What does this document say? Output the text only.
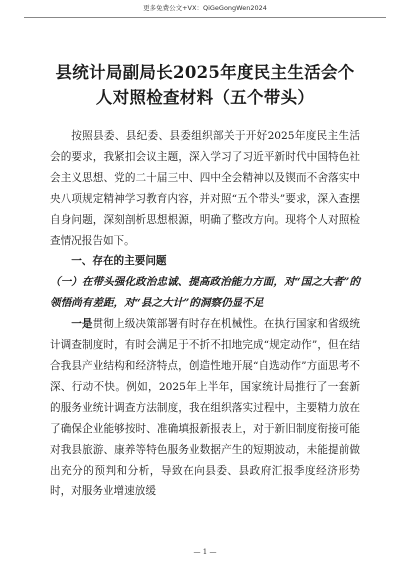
更多免费公文+VX：QiGeGongWen2024
县统计局副局长2025年度民主生活会个
人对照检查材料（五个带头）

按照县委、县纪委、县委组织部关于开好2025年度民主生活会的要求，我紧扣会议主题，深入学习了习近平新时代中国特色社会主义思想、党的二十届三中、四中全会精神以及锲而不舍落实中央八项规定精神学习教育内容，并对照“五个带头”要求，深入查摆自身问题，深刻剖析思想根源，明确了整改方向。现将个人对照检查情况报告如下。

一、存在的主要问题

（一）在带头强化政治忠诚、提高政治能力方面，对“国之大者”的领悟尚有差距，对“县之大计”的洞察仍显不足

一是贯彻上级决策部署有时存在机械性。在执行国家和省级统计调查制度时，有时会满足于不折不扣地完成“规定动作”，但在结合我县产业结构和经济特点，创造性地开展“自选动作”方面思考不深、行动不快。例如，2025年上半年，国家统计局推行了一套新的服务业统计调查方法制度，我在组织落实过程中，主要精力放在了确保企业能够按时、准确填报新报表上，对于新旧制度衔接可能对我县旅游、康养等特色服务业数据产生的短期波动，未能提前做出充分的预判和分析，导致在向县委、县政府汇报季度经济形势时，对服务业增速放缓

— 1 —
